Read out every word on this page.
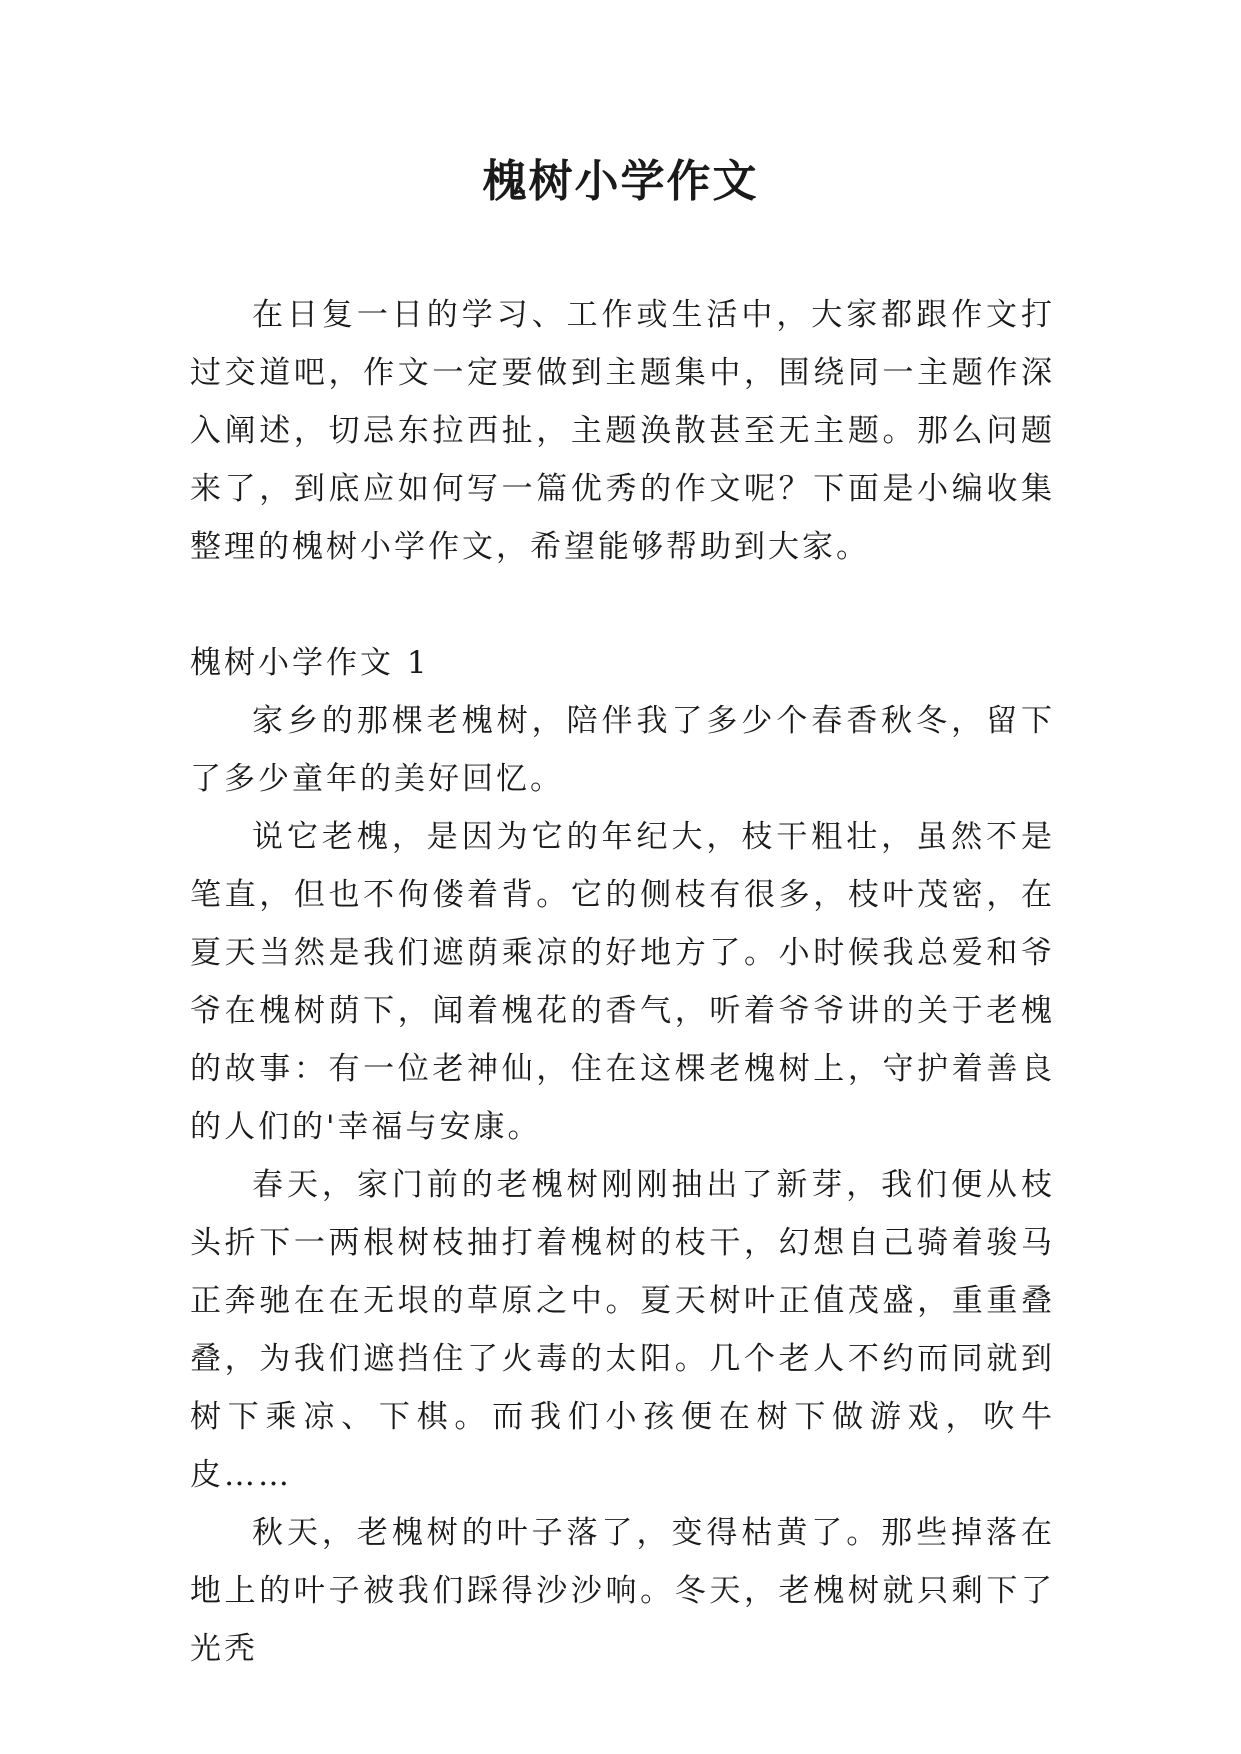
槐树小学作文

在日复一日的学习、工作或生活中，大家都跟作文打过交道吧，作文一定要做到主题集中，围绕同一主题作深入阐述，切忌东拉西扯，主题涣散甚至无主题。那么问题来了，到底应如何写一篇优秀的作文呢？下面是小编收集整理的槐树小学作文，希望能够帮助到大家。

槐树小学作文 1

家乡的那棵老槐树，陪伴我了多少个春香秋冬，留下了多少童年的美好回忆。

说它老槐，是因为它的年纪大，枝干粗壮，虽然不是笔直，但也不佝偻着背。它的侧枝有很多，枝叶茂密，在夏天当然是我们遮荫乘凉的好地方了。小时候我总爱和爷爷在槐树荫下，闻着槐花的香气，听着爷爷讲的关于老槐的故事：有一位老神仙，住在这棵老槐树上，守护着善良的人们的'幸福与安康。

春天，家门前的老槐树刚刚抽出了新芽，我们便从枝头折下一两根树枝抽打着槐树的枝干，幻想自己骑着骏马正奔驰在在无垠的草原之中。夏天树叶正值茂盛，重重叠叠，为我们遮挡住了火毒的太阳。几个老人不约而同就到树下乘凉、下棋。而我们小孩便在树下做游戏，吹牛皮……

秋天，老槐树的叶子落了，变得枯黄了。那些掉落在地上的叶子被我们踩得沙沙响。冬天，老槐树就只剩下了光秃
